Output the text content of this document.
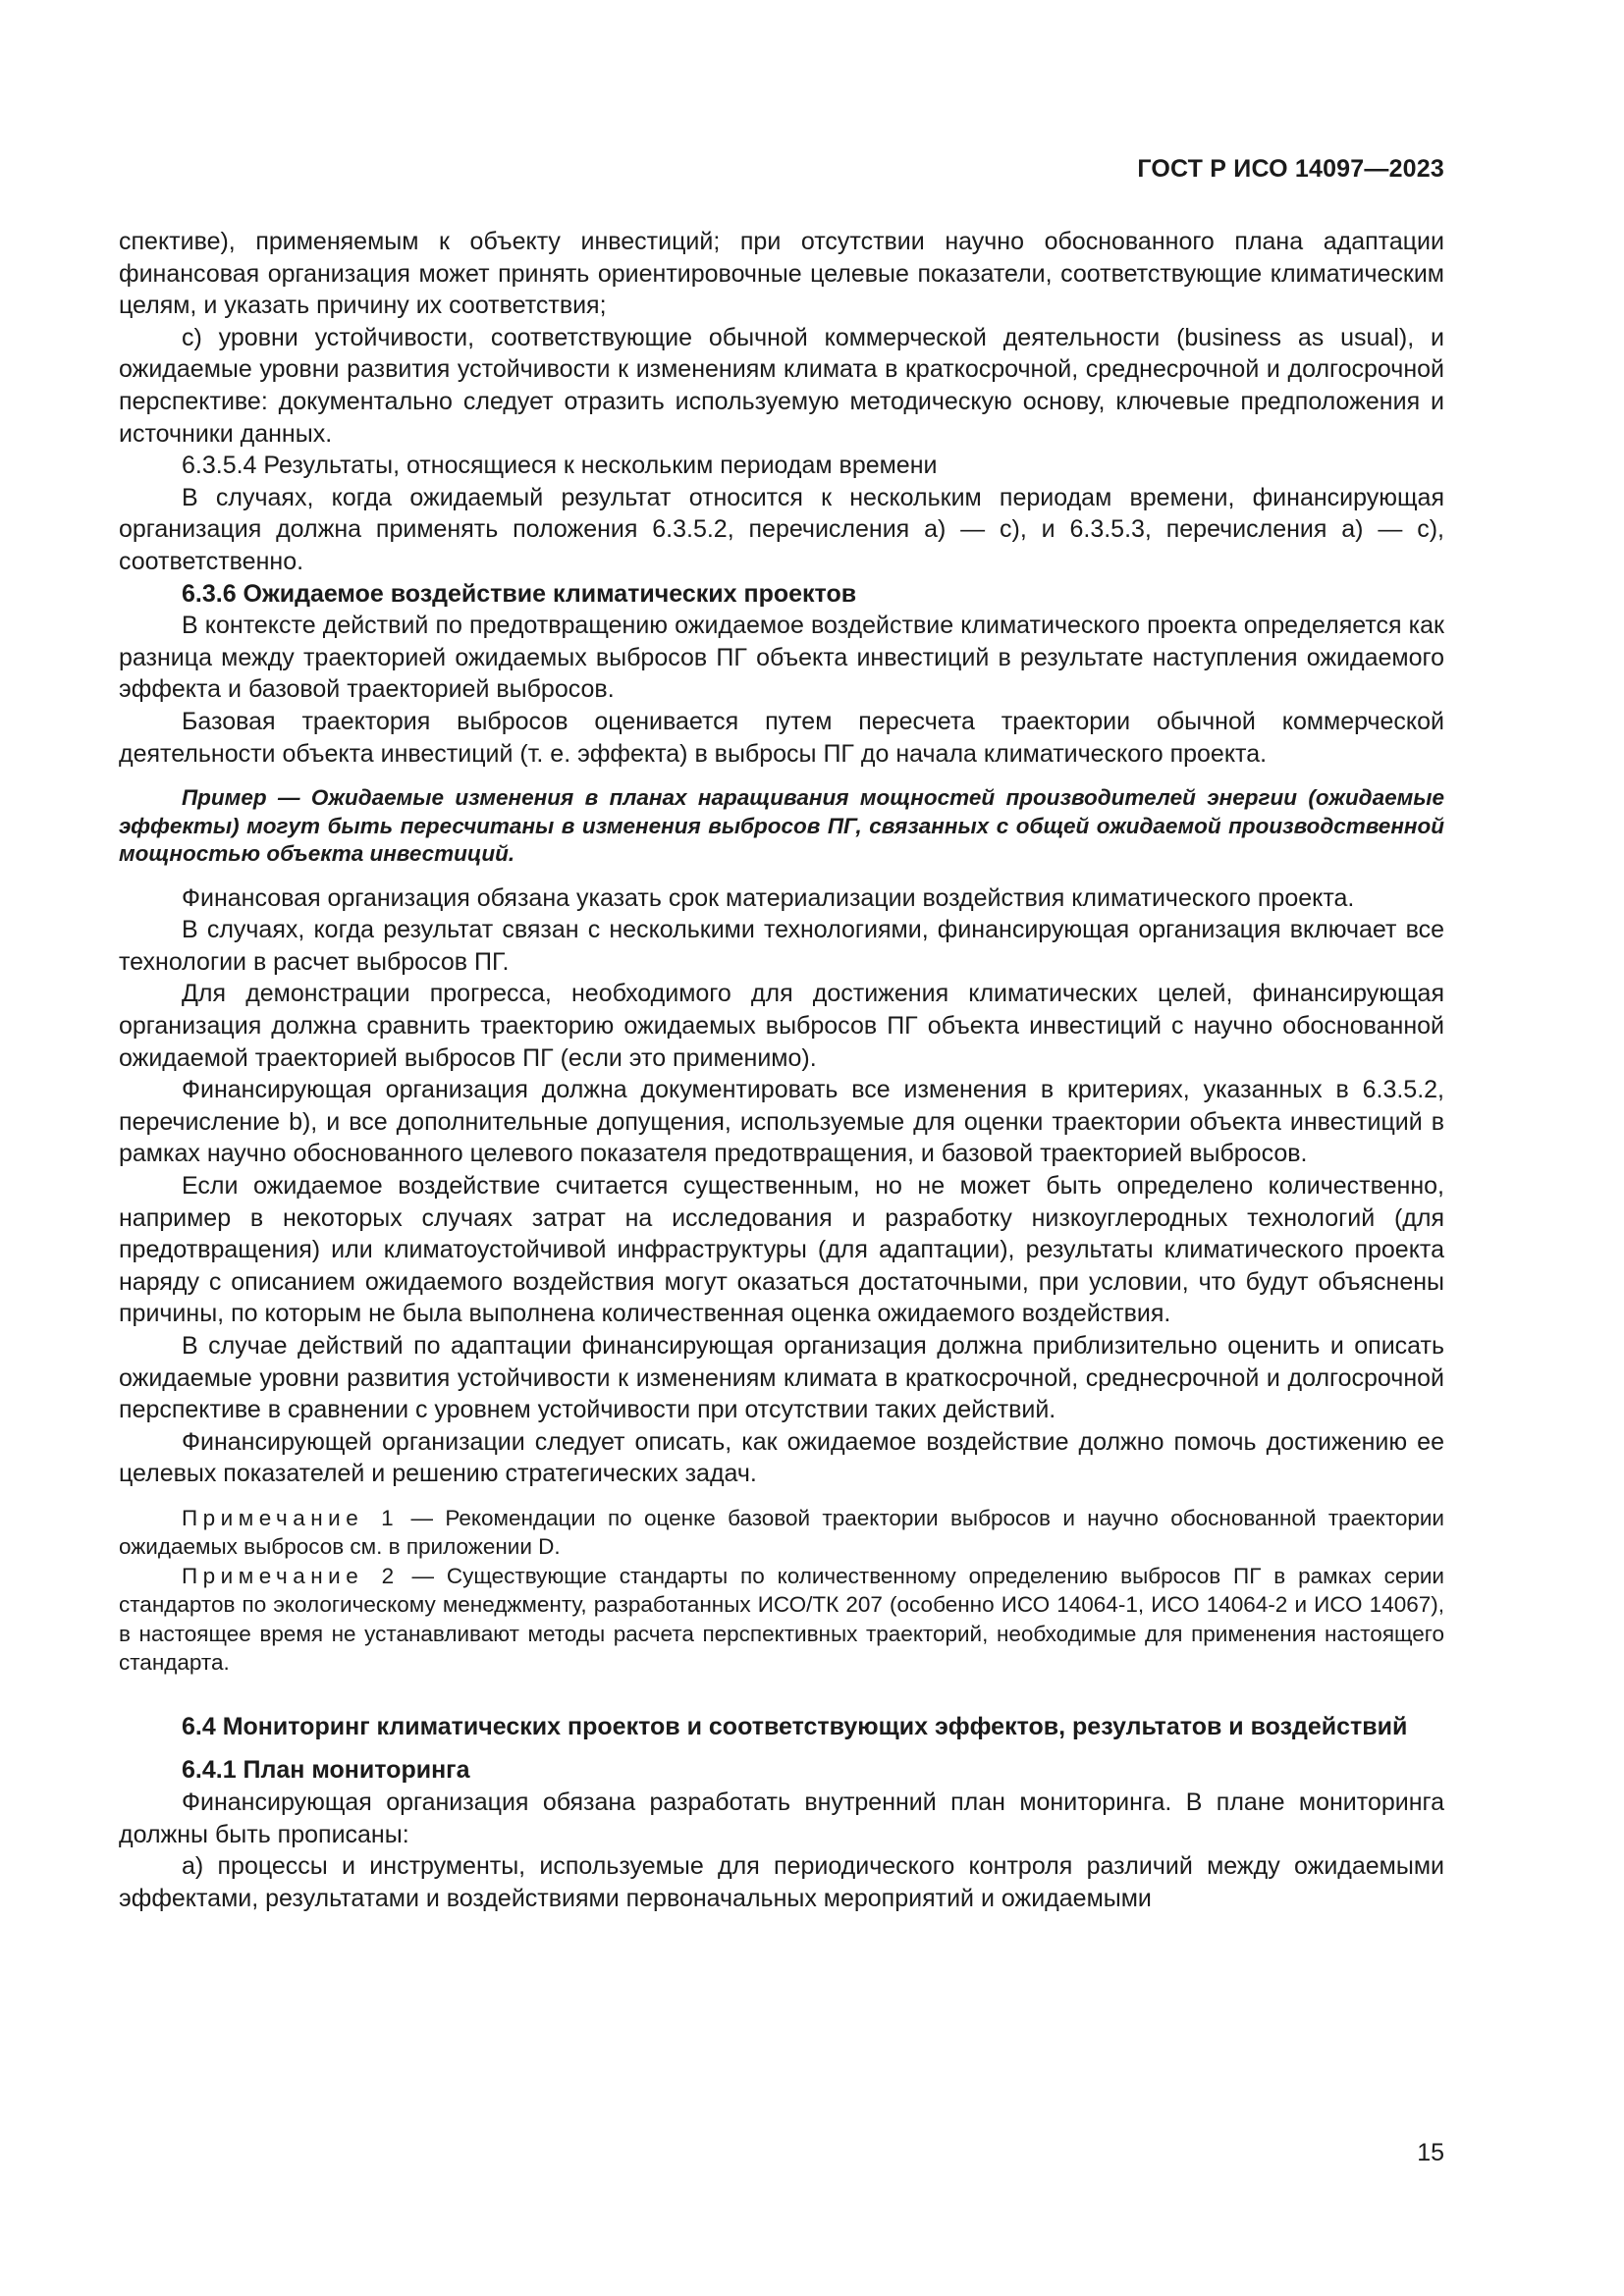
ГОСТ Р ИСО 14097—2023

спективе), применяемым к объекту инвестиций; при отсутствии научно обоснованного плана адаптации финансовая организация может принять ориентировочные целевые показатели, соответствующие климатическим целям, и указать причину их соответствия;

c) уровни устойчивости, соответствующие обычной коммерческой деятельности (business as usual), и ожидаемые уровни развития устойчивости к изменениям климата в краткосрочной, среднесрочной и долгосрочной перспективе: документально следует отразить используемую методическую основу, ключевые предположения и источники данных.

6.3.5.4 Результаты, относящиеся к нескольким периодам времени

В случаях, когда ожидаемый результат относится к нескольким периодам времени, финансирующая организация должна применять положения 6.3.5.2, перечисления а) — с), и 6.3.5.3, перечисления а) — с), соответственно.

6.3.6 Ожидаемое воздействие климатических проектов

В контексте действий по предотвращению ожидаемое воздействие климатического проекта определяется как разница между траекторией ожидаемых выбросов ПГ объекта инвестиций в результате наступления ожидаемого эффекта и базовой траекторией выбросов.

Базовая траектория выбросов оценивается путем пересчета траектории обычной коммерческой деятельности объекта инвестиций (т. е. эффекта) в выбросы ПГ до начала климатического проекта.

Пример — Ожидаемые изменения в планах наращивания мощностей производителей энергии (ожидаемые эффекты) могут быть пересчитаны в изменения выбросов ПГ, связанных с общей ожидаемой производственной мощностью объекта инвестиций.

Финансовая организация обязана указать срок материализации воздействия климатического проекта.

В случаях, когда результат связан с несколькими технологиями, финансирующая организация включает все технологии в расчет выбросов ПГ.

Для демонстрации прогресса, необходимого для достижения климатических целей, финансирующая организация должна сравнить траекторию ожидаемых выбросов ПГ объекта инвестиций с научно обоснованной ожидаемой траекторией выбросов ПГ (если это применимо).

Финансирующая организация должна документировать все изменения в критериях, указанных в 6.3.5.2, перечисление b), и все дополнительные допущения, используемые для оценки траектории объекта инвестиций в рамках научно обоснованного целевого показателя предотвращения, и базовой траекторией выбросов.

Если ожидаемое воздействие считается существенным, но не может быть определено количественно, например в некоторых случаях затрат на исследования и разработку низкоуглеродных технологий (для предотвращения) или климатоустойчивой инфраструктуры (для адаптации), результаты климатического проекта наряду с описанием ожидаемого воздействия могут оказаться достаточными, при условии, что будут объяснены причины, по которым не была выполнена количественная оценка ожидаемого воздействия.

В случае действий по адаптации финансирующая организация должна приблизительно оценить и описать ожидаемые уровни развития устойчивости к изменениям климата в краткосрочной, среднесрочной и долгосрочной перспективе в сравнении с уровнем устойчивости при отсутствии таких действий.

Финансирующей организации следует описать, как ожидаемое воздействие должно помочь достижению ее целевых показателей и решению стратегических задач.

Примечание 1 — Рекомендации по оценке базовой траектории выбросов и научно обоснованной траектории ожидаемых выбросов см. в приложении D.

Примечание 2 — Существующие стандарты по количественному определению выбросов ПГ в рамках серии стандартов по экологическому менеджменту, разработанных ИСО/ТК 207 (особенно ИСО 14064-1, ИСО 14064-2 и ИСО 14067), в настоящее время не устанавливают методы расчета перспективных траекторий, необходимые для применения настоящего стандарта.

6.4 Мониторинг климатических проектов и соответствующих эффектов, результатов и воздействий

6.4.1 План мониторинга

Финансирующая организация обязана разработать внутренний план мониторинга. В плане мониторинга должны быть прописаны:

а) процессы и инструменты, используемые для периодического контроля различий между ожидаемыми эффектами, результатами и воздействиями первоначальных мероприятий и ожидаемыми

15
